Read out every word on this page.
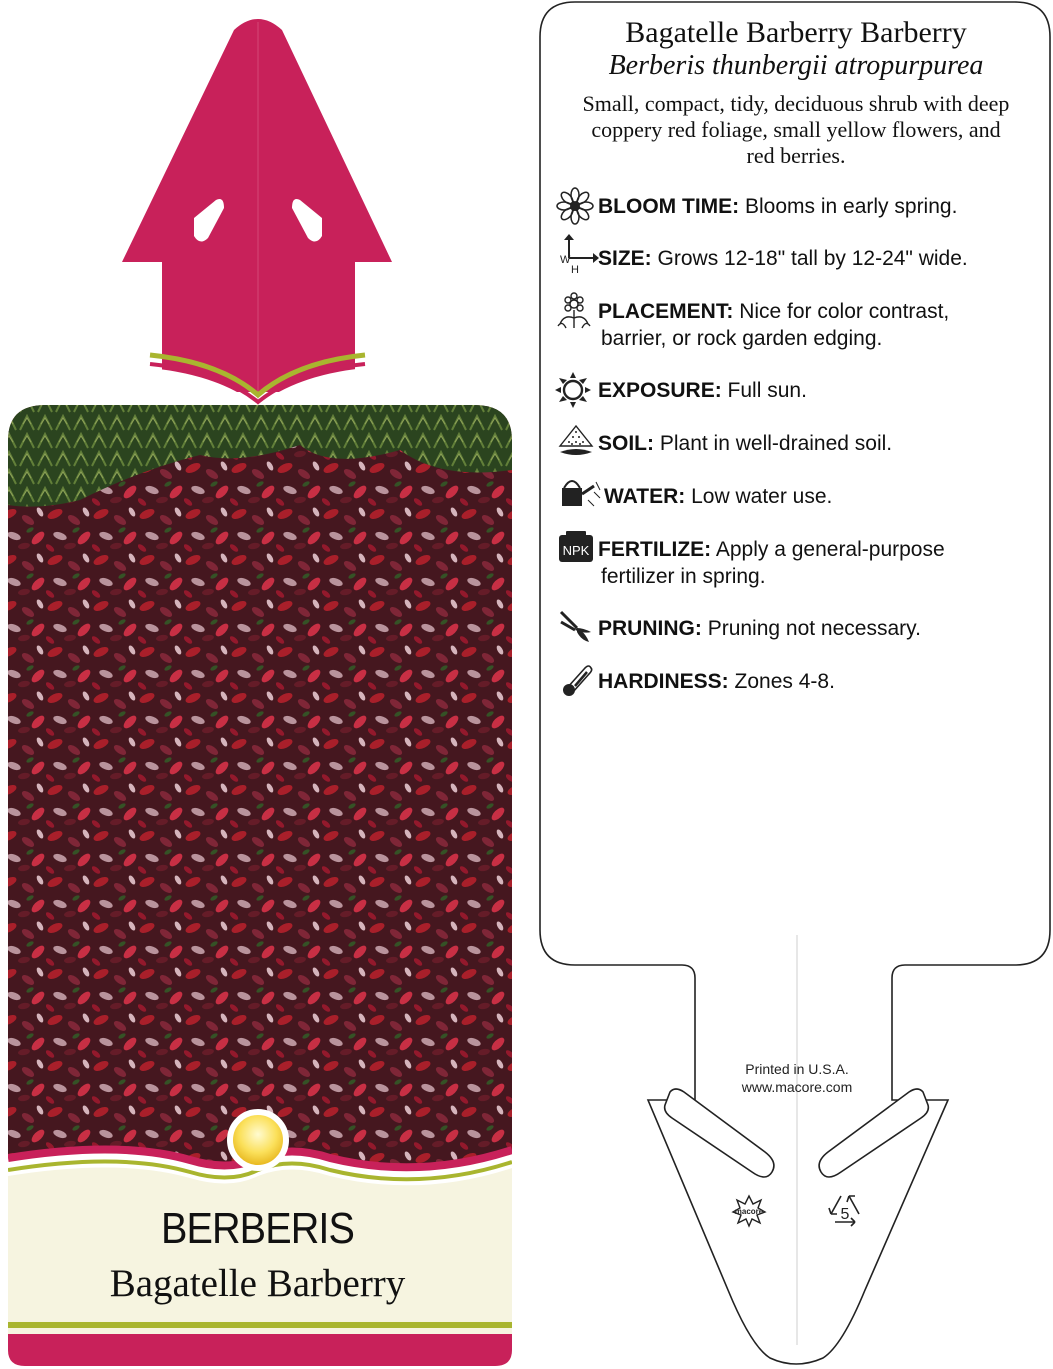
W
H
NPK
macore	5
BERBERIS
Bagatelle Barberry
Bagatelle Barberry Barberry
Berberis thunbergii atropurpurea
Small, compact, tidy, deciduous shrub with deep
coppery red foliage, small yellow flowers, and
red berries.
BLOOM TIME: Blooms in early spring.
SIZE: Grows 12-18" tall by 12-24" wide.
PLACEMENT: Nice for color contrast,
barrier, or rock garden edging.
EXPOSURE: Full sun.
SOIL: Plant in well-drained soil.
WATER: Low water use.
FERTILIZE: Apply a general-purpose
fertilizer in spring.
PRUNING: Pruning not necessary.
HARDINESS: Zones 4-8.
Printed in U.S.A.
www.macore.com
